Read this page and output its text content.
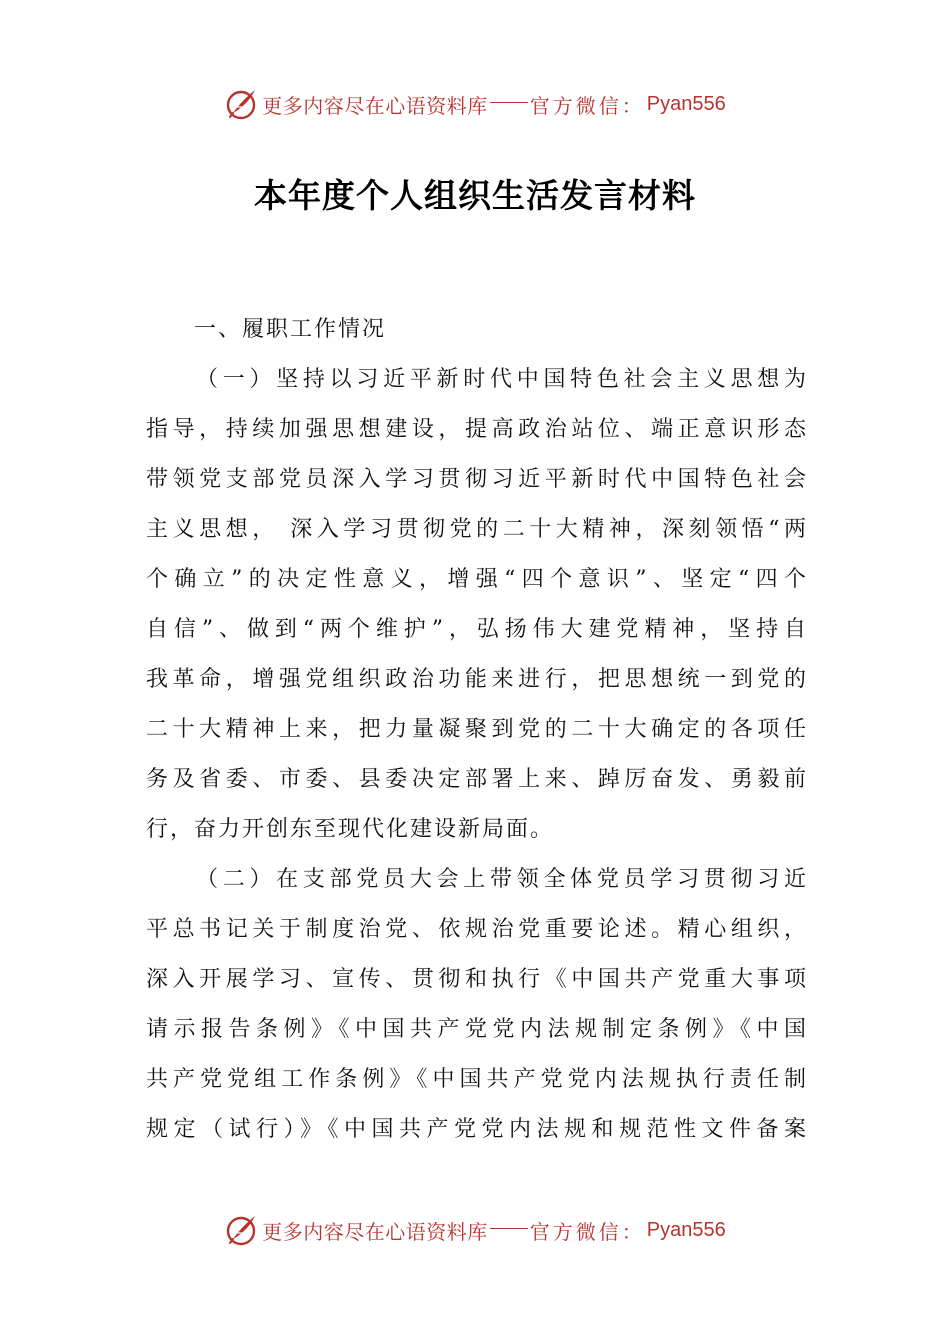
更多内容尽在心语资料库 官方微信： Pyan556
本年度个人组织生活发言材料

一、履职工作情况

（一）坚持以习近平新时代中国特色社会主义思想为
指导，持续加强思想建设，提高政治站位、端正意识形态
带领党支部党员深入学习贯彻习近平新时代中国特色社会
主义思想， 深入学习贯彻党的二十大精神，深刻领悟“两
个确立”的决定性意义，增强“四个意识”、坚定“四个
自信”、做到“两个维护”，弘扬伟大建党精神，坚持自
我革命，增强党组织政治功能来进行，把思想统一到党的
二十大精神上来，把力量凝聚到党的二十大确定的各项任
务及省委、市委、县委决定部署上来、踔厉奋发、勇毅前
行，奋力开创东至现代化建设新局面。

（二）在支部党员大会上带领全体党员学习贯彻习近
平总书记关于制度治党、依规治党重要论述。精心组织，
深入开展学习、宣传、贯彻和执行《中国共产党重大事项
请示报告条例》《中国共产党党内法规制定条例》《中国
共产党党组工作条例》《中国共产党党内法规执行责任制
规定（试行）》《中国共产党党内法规和规范性文件备案

更多内容尽在心语资料库 官方微信： Pyan556
